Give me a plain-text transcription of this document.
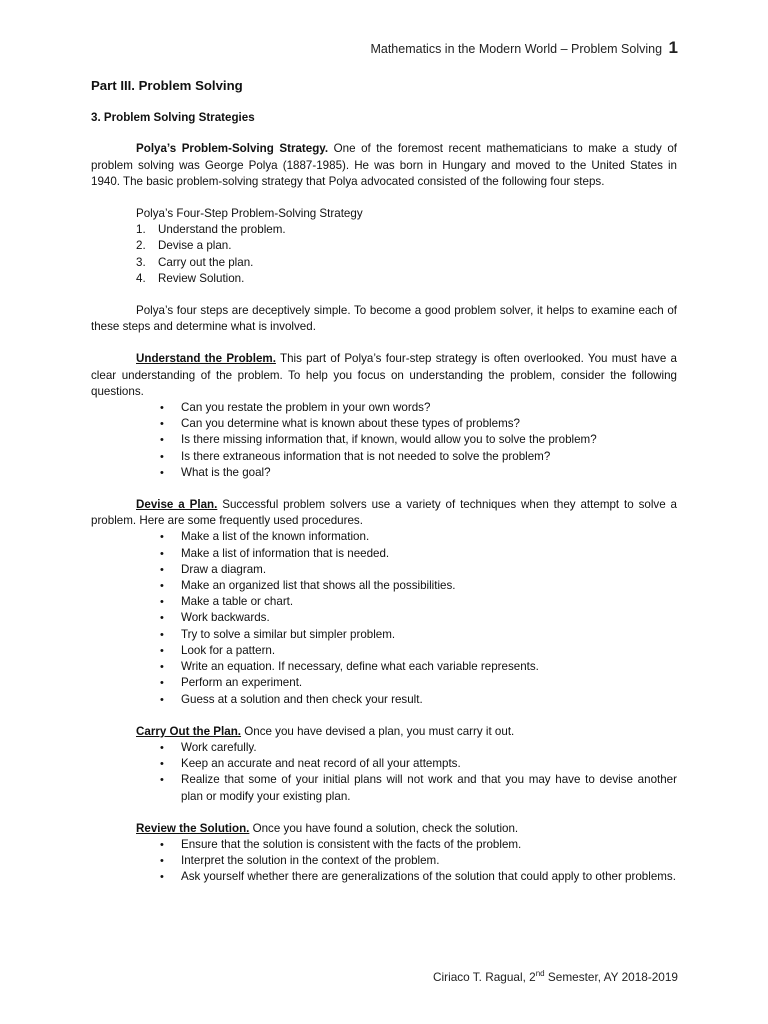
Mathematics in the Modern World – Problem Solving 1
Part III. Problem Solving
3. Problem Solving Strategies

Polya’s Problem-Solving Strategy. One of the foremost recent mathematicians to make a study of problem solving was George Polya (1887-1985). He was born in Hungary and moved to the United States in 1940. The basic problem-solving strategy that Polya advocated consisted of the following four steps.

Polya’s Four-Step Problem-Solving Strategy
1. Understand the problem.
2. Devise a plan.
3. Carry out the plan.
4. Review Solution.

Polya’s four steps are deceptively simple. To become a good problem solver, it helps to examine each of these steps and determine what is involved.

Understand the Problem. This part of Polya’s four-step strategy is often overlooked. You must have a clear understanding of the problem. To help you focus on understanding the problem, consider the following questions.

• Can you restate the problem in your own words?
• Can you determine what is known about these types of problems?
• Is there missing information that, if known, would allow you to solve the problem?
• Is there extraneous information that is not needed to solve the problem?
• What is the goal?

Devise a Plan. Successful problem solvers use a variety of techniques when they attempt to solve a problem. Here are some frequently used procedures.

• Make a list of the known information.
• Make a list of information that is needed.
• Draw a diagram.
• Make an organized list that shows all the possibilities.
• Make a table or chart.
• Work backwards.
• Try to solve a similar but simpler problem.
• Look for a pattern.
• Write an equation. If necessary, define what each variable represents.
• Perform an experiment.
• Guess at a solution and then check your result.

Carry Out the Plan. Once you have devised a plan, you must carry it out.

• Work carefully.
• Keep an accurate and neat record of all your attempts.
• Realize that some of your initial plans will not work and that you may have to devise another plan or modify your existing plan.

Review the Solution. Once you have found a solution, check the solution.

• Ensure that the solution is consistent with the facts of the problem.
• Interpret the solution in the context of the problem.
• Ask yourself whether there are generalizations of the solution that could apply to other problems.
Ciriaco T. Ragual, 2nd Semester, AY 2018-2019
